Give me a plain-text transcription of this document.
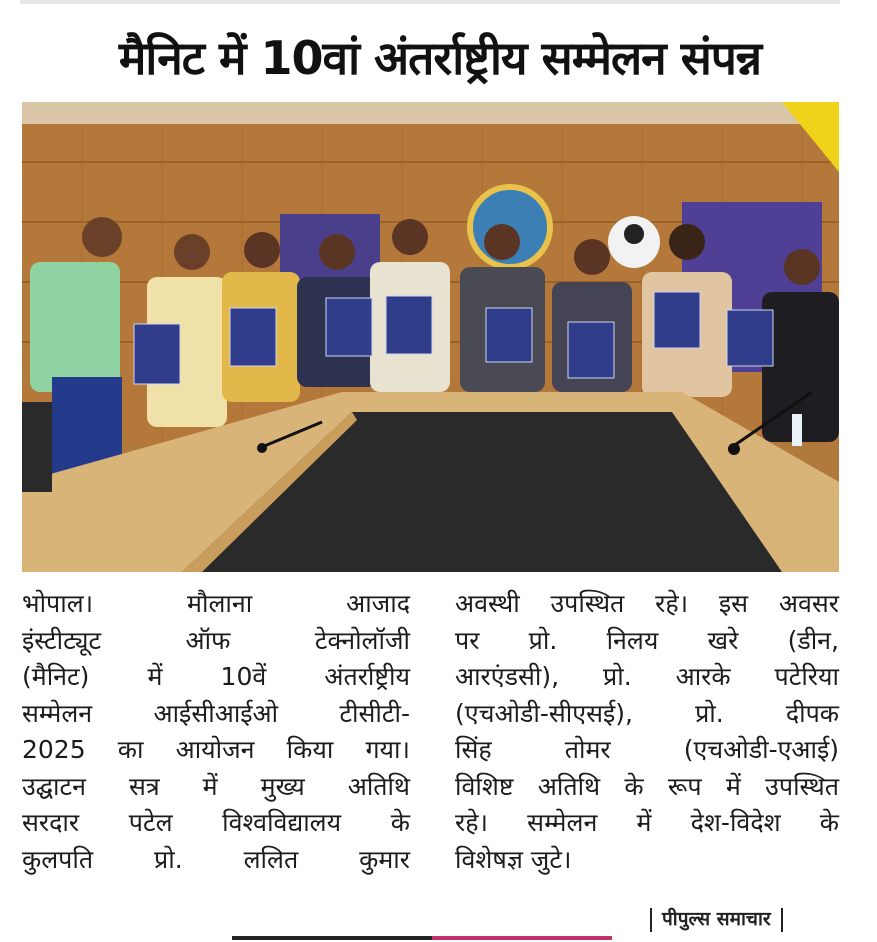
मैनिट में 10वां अंतर्राष्ट्रीय सम्मेलन संपन्न

भोपाल। मौलाना आजाद

इंस्टीट्यूट ऑफ टेक्नोलॉजी

(मैनिट) में 10वें अंतर्राष्ट्रीय

सम्मेलन आईसीआईओ टीसीटी-

2025 का आयोजन किया गया।

उद्घाटन सत्र में मुख्य अतिथि

सरदार पटेल विश्वविद्यालय के

कुलपति प्रो. ललित कुमार

अवस्थी उपस्थित रहे। इस अवसर

पर प्रो. निलय खरे (डीन,

आरएंडसी), प्रो. आरके पटेरिया

(एचओडी-सीएसई), प्रो. दीपक

सिंह तोमर (एचओडी-एआई)

विशिष्ट अतिथि के रूप में उपस्थित

रहे। सम्मेलन में देश-विदेश के

विशेषज्ञ जुटे।

पीपुल्स समाचार
